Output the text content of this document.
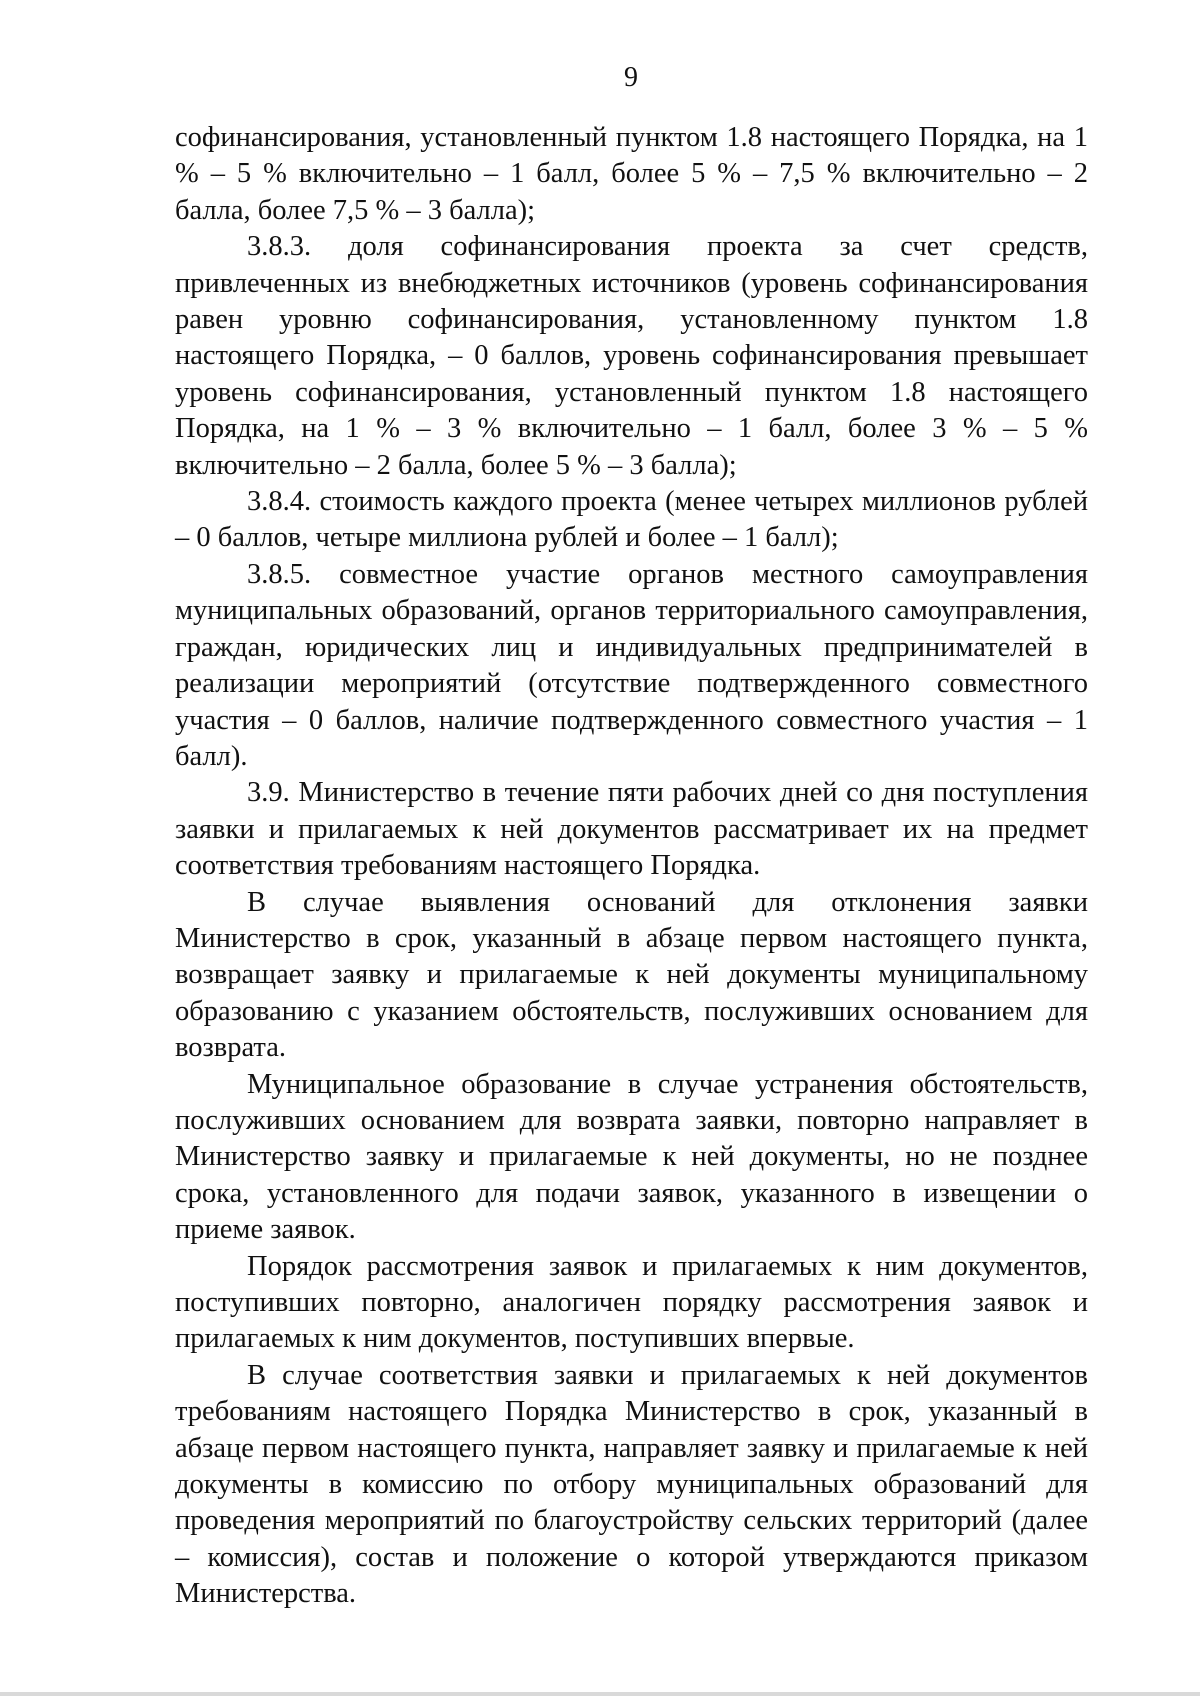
9

софинансирования, установленный пунктом 1.8 настоящего Порядка, на 1 % – 5 % включительно – 1 балл, более 5 % – 7,5 % включительно – 2 балла, более 7,5 % – 3 балла);

3.8.3. доля софинансирования проекта за счет средств, привлеченных из внебюджетных источников (уровень софинансирования равен уровню софинансирования, установленному пунктом 1.8 настоящего Порядка, – 0 баллов, уровень софинансирования превышает уровень софинансирования, установленный пунктом 1.8 настоящего Порядка, на 1 % – 3 % включительно – 1 балл, более 3 % – 5 % включительно – 2 балла, более 5 % – 3 балла);

3.8.4. стоимость каждого проекта (менее четырех миллионов рублей – 0 баллов, четыре миллиона рублей и более – 1 балл);

3.8.5. совместное участие органов местного самоуправления муниципальных образований, органов территориального самоуправления, граждан, юридических лиц и индивидуальных предпринимателей в реализации мероприятий (отсутствие подтвержденного совместного участия – 0 баллов, наличие подтвержденного совместного участия – 1 балл).

3.9. Министерство в течение пяти рабочих дней со дня поступления заявки и прилагаемых к ней документов рассматривает их на предмет соответствия требованиям настоящего Порядка.

В случае выявления оснований для отклонения заявки Министерство в срок, указанный в абзаце первом настоящего пункта, возвращает заявку и прилагаемые к ней документы муниципальному образованию с указанием обстоятельств, послуживших основанием для возврата.

Муниципальное образование в случае устранения обстоятельств, послуживших основанием для возврата заявки, повторно направляет в Министерство заявку и прилагаемые к ней документы, но не позднее срока, установленного для подачи заявок, указанного в извещении о приеме заявок.

Порядок рассмотрения заявок и прилагаемых к ним документов, поступивших повторно, аналогичен порядку рассмотрения заявок и прилагаемых к ним документов, поступивших впервые.

В случае соответствия заявки и прилагаемых к ней документов требованиям настоящего Порядка Министерство в срок, указанный в абзаце первом настоящего пункта, направляет заявку и прилагаемые к ней документы в комиссию по отбору муниципальных образований для проведения мероприятий по благоустройству сельских территорий (далее – комиссия), состав и положение о которой утверждаются приказом Министерства.
